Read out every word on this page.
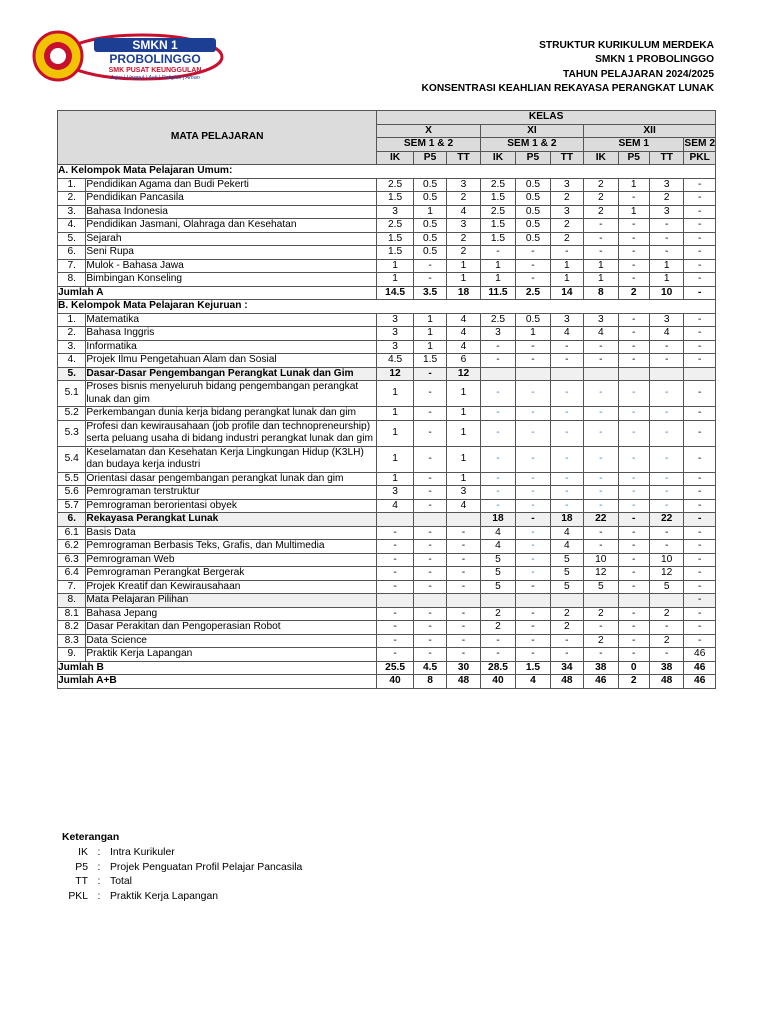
SMKN 1
PROBOLINGGO
SMK PUSAT KEUNGGULAN
Jujur | Unggul | Asli | Religius | Aman
STRUKTUR KURIKULUM MERDEKA
SMKN 1 PROBOLINGGO
TAHUN PELAJARAN 2024/2025
KONSENTRASI KEAHLIAN REKAYASA PERANGKAT LUNAK
MATA PELAJARAN		KELAS									
		X			XI			XII			
		SEM 1 & 2			SEM 1 & 2			SEM 1			SEM 2
		IK	P5	TT	IK	P5	TT	IK	P5	TT	PKL
A. Kelompok Mata Pelajaran Umum:											
1.	Pendidikan Agama dan Budi Pekerti	2.5	0.5	3	2.5	0.5	3	2	1	3	-
2.	Pendidikan Pancasila	1.5	0.5	2	1.5	0.5	2	2	-	2	-
3.	Bahasa Indonesia	3	1	4	2.5	0.5	3	2	1	3	-
4.	Pendidikan Jasmani, Olahraga dan Kesehatan	2.5	0.5	3	1.5	0.5	2	-	-	-	-
5.	Sejarah	1.5	0.5	2	1.5	0.5	2	-	-	-	-
6.	Seni Rupa	1.5	0.5	2	-	-	-	-	-	-	-
7.	Mulok - Bahasa Jawa	1	-	1	1	-	1	1	-	1	-
8.	Bimbingan Konseling	1	-	1	1	-	1	1	-	1	-
Jumlah A		14.5	3.5	18	11.5	2.5	14	8	2	10	-
B. Kelompok Mata Pelajaran Kejuruan :											
1.	Matematika	3	1	4	2.5	0.5	3	3	-	3	-
2.	Bahasa Inggris	3	1	4	3	1	4	4	-	4	-
3.	Informatika	3	1	4	-	-	-	-	-	-	-
4.	Projek Ilmu Pengetahuan Alam dan Sosial	4.5	1.5	6	-	-	-	-	-	-	-
5.	Dasar-Dasar Pengembangan Perangkat Lunak dan Gim	12	-	12							
5.1	Proses bisnis menyeluruh bidang pengembangan perangkat lunak dan gim	1	-	1	-	-	-	-	-	-	-
5.2	Perkembangan dunia kerja bidang perangkat lunak dan gim	1	-	1	-	-	-	-	-	-	-
5.3	Profesi dan kewirausahaan (job profile dan technopreneurship) serta peluang usaha di bidang industri perangkat lunak dan gim	1	-	1	-	-	-	-	-	-	-
5.4	Keselamatan dan Kesehatan Kerja Lingkungan Hidup (K3LH) dan budaya kerja industri	1	-	1	-	-	-	-	-	-	-
5.5	Orientasi dasar pengembangan perangkat lunak dan gim	1	-	1	-	-	-	-	-	-	-
5.6	Pemrograman terstruktur	3	-	3	-	-	-	-	-	-	-
5.7	Pemrograman berorientasi obyek	4	-	4	-	-	-	-	-	-	-
6.	Rekayasa Perangkat Lunak				18	-	18	22	-	22	-
6.1	Basis Data	-	-	-	4	-	4	-	-	-	-
6.2	Pemrograman Berbasis Teks, Grafis, dan Multimedia	-	-	-	4	-	4	-	-	-	-
6.3	Pemrograman Web	-	-	-	5	-	5	10	-	10	-
6.4	Pemrograman Perangkat Bergerak	-	-	-	5	-	5	12	-	12	-
7.	Projek Kreatif dan Kewirausahaan	-	-	-	5	-	5	5	-	5	-
8.	Mata Pelajaran Pilihan										-
8.1	Bahasa Jepang	-	-	-	2	-	2	2	-	2	-
8.2	Dasar Perakitan dan Pengoperasian Robot	-	-	-	2	-	2	-	-	-	-
8.3	Data Science	-	-	-	-	-	-	2	-	2	-
9.	Praktik Kerja Lapangan	-	-	-	-	-	-	-	-	-	46
Jumlah B		25.5	4.5	30	28.5	1.5	34	38	0	38	46
Jumlah A+B		40	8	48	40	4	48	46	2	48	46
Keterangan
IK : Intra Kurikuler
P5 : Projek Penguatan Profil Pelajar Pancasila
TT : Total
PKL : Praktik Kerja Lapangan
